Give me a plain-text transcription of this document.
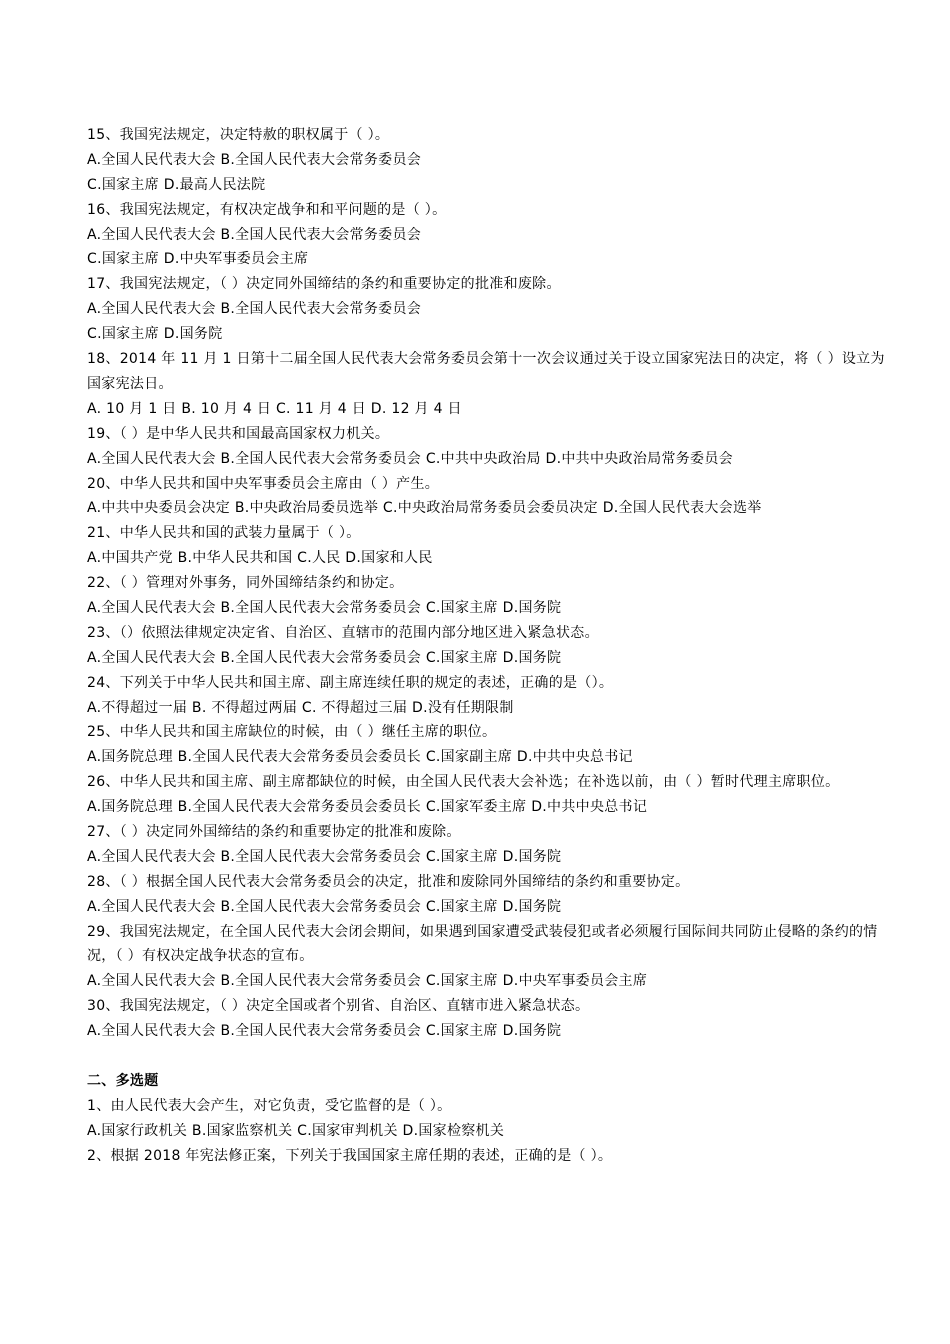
15、我国宪法规定，决定特赦的职权属于（ ）。
A.全国人民代表大会 B.全国人民代表大会常务委员会
C.国家主席 D.最高人民法院
16、我国宪法规定，有权决定战争和和平问题的是（ ）。
A.全国人民代表大会 B.全国人民代表大会常务委员会
C.国家主席 D.中央军事委员会主席
17、我国宪法规定，（ ）决定同外国缔结的条约和重要协定的批准和废除。
A.全国人民代表大会 B.全国人民代表大会常务委员会
C.国家主席 D.国务院
18、2014 年 11 月 1 日第十二届全国人民代表大会常务委员会第十一次会议通过关于设立国家宪法日的决定，将（ ）设立为国家宪法日。
A. 10 月 1 日 B. 10 月 4 日 C. 11 月 4 日 D. 12 月 4 日
19、（ ）是中华人民共和国最高国家权力机关。
A.全国人民代表大会 B.全国人民代表大会常务委员会 C.中共中央政治局 D.中共中央政治局常务委员会
20、中华人民共和国中央军事委员会主席由（ ）产生。
A.中共中央委员会决定 B.中央政治局委员选举 C.中央政治局常务委员会委员决定 D.全国人民代表大会选举
21、中华人民共和国的武装力量属于（ ）。
A.中国共产党 B.中华人民共和国 C.人民 D.国家和人民
22、（ ）管理对外事务，同外国缔结条约和协定。
A.全国人民代表大会 B.全国人民代表大会常务委员会 C.国家主席 D.国务院
23、（）依照法律规定决定省、自治区、直辖市的范围内部分地区进入紧急状态。
A.全国人民代表大会 B.全国人民代表大会常务委员会 C.国家主席 D.国务院
24、下列关于中华人民共和国主席、副主席连续任职的规定的表述，正确的是（）。
A.不得超过一届 B. 不得超过两届 C. 不得超过三届 D.没有任期限制
25、中华人民共和国主席缺位的时候，由（ ）继任主席的职位。
A.国务院总理 B.全国人民代表大会常务委员会委员长 C.国家副主席 D.中共中央总书记
26、中华人民共和国主席、副主席都缺位的时候，由全国人民代表大会补选；在补选以前，由（ ）暂时代理主席职位。
A.国务院总理 B.全国人民代表大会常务委员会委员长 C.国家军委主席 D.中共中央总书记
27、（ ）决定同外国缔结的条约和重要协定的批准和废除。
A.全国人民代表大会 B.全国人民代表大会常务委员会 C.国家主席 D.国务院
28、（ ）根据全国人民代表大会常务委员会的决定，批准和废除同外国缔结的条约和重要协定。
A.全国人民代表大会 B.全国人民代表大会常务委员会 C.国家主席 D.国务院
29、我国宪法规定，在全国人民代表大会闭会期间，如果遇到国家遭受武装侵犯或者必须履行国际间共同防止侵略的条约的情况，（ ）有权决定战争状态的宣布。
A.全国人民代表大会 B.全国人民代表大会常务委员会 C.国家主席 D.中央军事委员会主席
30、我国宪法规定，（ ）决定全国或者个别省、自治区、直辖市进入紧急状态。
A.全国人民代表大会 B.全国人民代表大会常务委员会 C.国家主席 D.国务院
二、多选题
1、由人民代表大会产生，对它负责，受它监督的是（ ）。
A.国家行政机关 B.国家监察机关 C.国家审判机关 D.国家检察机关
2、根据 2018 年宪法修正案，下列关于我国国家主席任期的表述，正确的是（ ）。
